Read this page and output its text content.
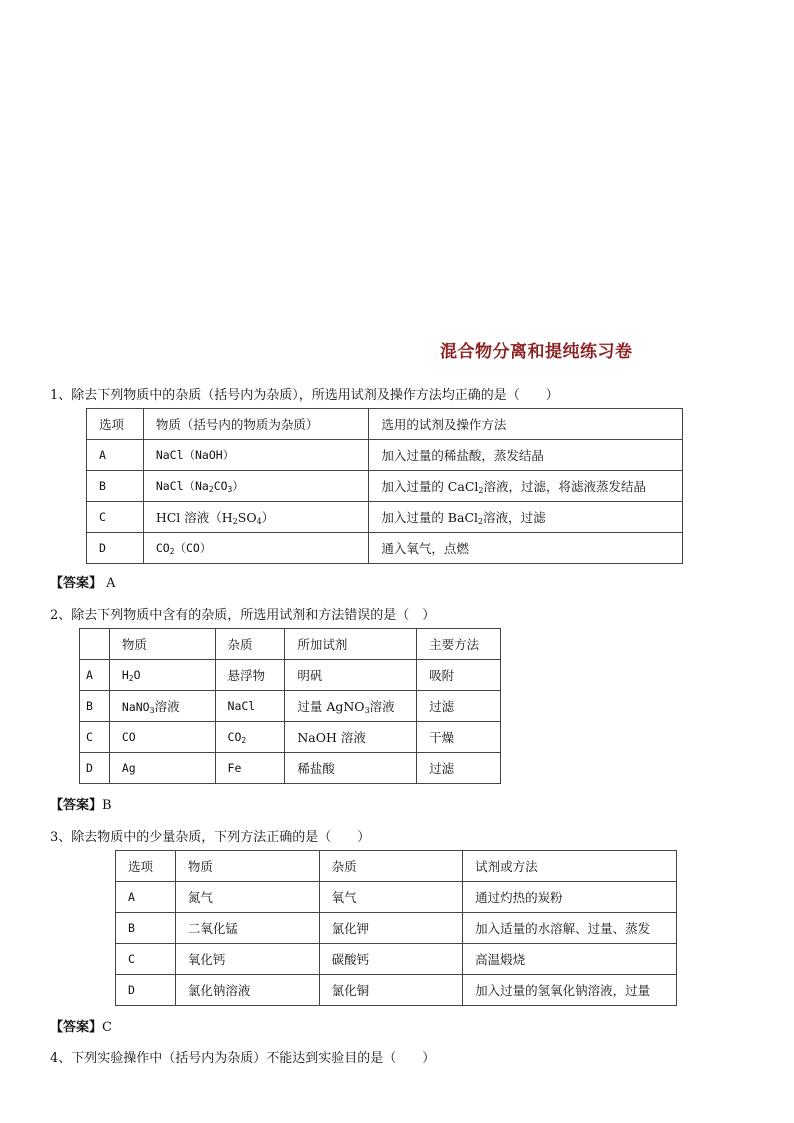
混合物分离和提纯练习卷
1、除去下列物质中的杂质（括号内为杂质），所选用试剂及操作方法均正确的是（　　）
选项	物质（括号内的物质为杂质）	选用的试剂及操作方法
A	NaCl（NaOH）	加入过量的稀盐酸，蒸发结晶
B	$NaCl(Na_2CO_3)$	加入过量的 CaCl$_2$溶液，过滤，将滤液蒸发结晶
C	HCl 溶液$(H_2SO_4)$	加入过量的 BaCl$_2$溶液，过滤
D	$CO_2(CO)$	通入氧气，点燃
【答案】 A
2、除去下列物质中含有的杂质，所选用试剂和方法错误的是（　）
	物质	杂质	所加试剂	主要方法
A	$H_2O$	悬浮物	明矾	吸附
B	NaNO$_3$溶液	NaCl	过量 AgNO$_3$溶液	过滤
C	CO	$CO_2$	NaOH 溶液	干燥
D	Ag	Fe	稀盐酸	过滤
【答案】B
3、除去物质中的少量杂质，下列方法正确的是（　　）
选项	物质	杂质	试剂或方法
A	氮气	氧气	通过灼热的炭粉
B	二氧化锰	氯化钾	加入适量的水溶解、过量、蒸发
C	氧化钙	碳酸钙	高温煅烧
D	氯化钠溶液	氯化铜	加入过量的氢氧化钠溶液，过量
【答案】C
4、下列实验操作中（括号内为杂质）不能达到实验目的是（　　）
